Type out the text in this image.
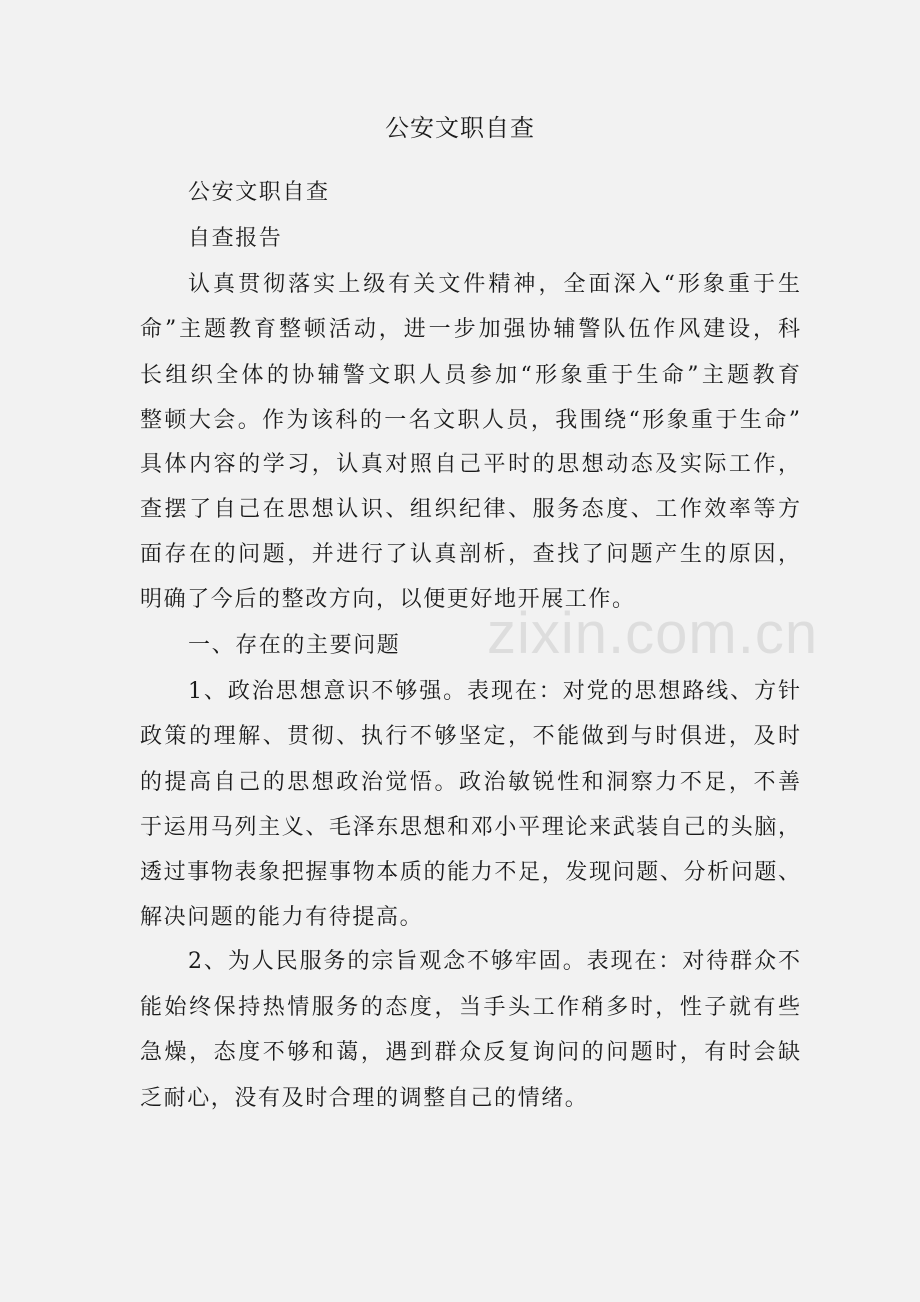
公安文职自查
公安文职自查
自查报告
认真贯彻落实上级有关文件精神，全面深入“形象重于生
命”主题教育整顿活动，进一步加强协辅警队伍作风建设，科
长组织全体的协辅警文职人员参加“形象重于生命”主题教育
整顿大会。作为该科的一名文职人员，我围绕“形象重于生命”
具体内容的学习，认真对照自己平时的思想动态及实际工作，
查摆了自己在思想认识、组织纪律、服务态度、工作效率等方
面存在的问题，并进行了认真剖析，查找了问题产生的原因，
明确了今后的整改方向，以便更好地开展工作。
一、存在的主要问题
1、政治思想意识不够强。表现在：对党的思想路线、方针
政策的理解、贯彻、执行不够坚定，不能做到与时俱进，及时
的提高自己的思想政治觉悟。政治敏锐性和洞察力不足，不善
于运用马列主义、毛泽东思想和邓小平理论来武装自己的头脑，
透过事物表象把握事物本质的能力不足，发现问题、分析问题、
解决问题的能力有待提高。
2、为人民服务的宗旨观念不够牢固。表现在：对待群众不
能始终保持热情服务的态度，当手头工作稍多时，性子就有些
急燥，态度不够和蔼，遇到群众反复询问的问题时，有时会缺
乏耐心，没有及时合理的调整自己的情绪。
zixin.com.cn
